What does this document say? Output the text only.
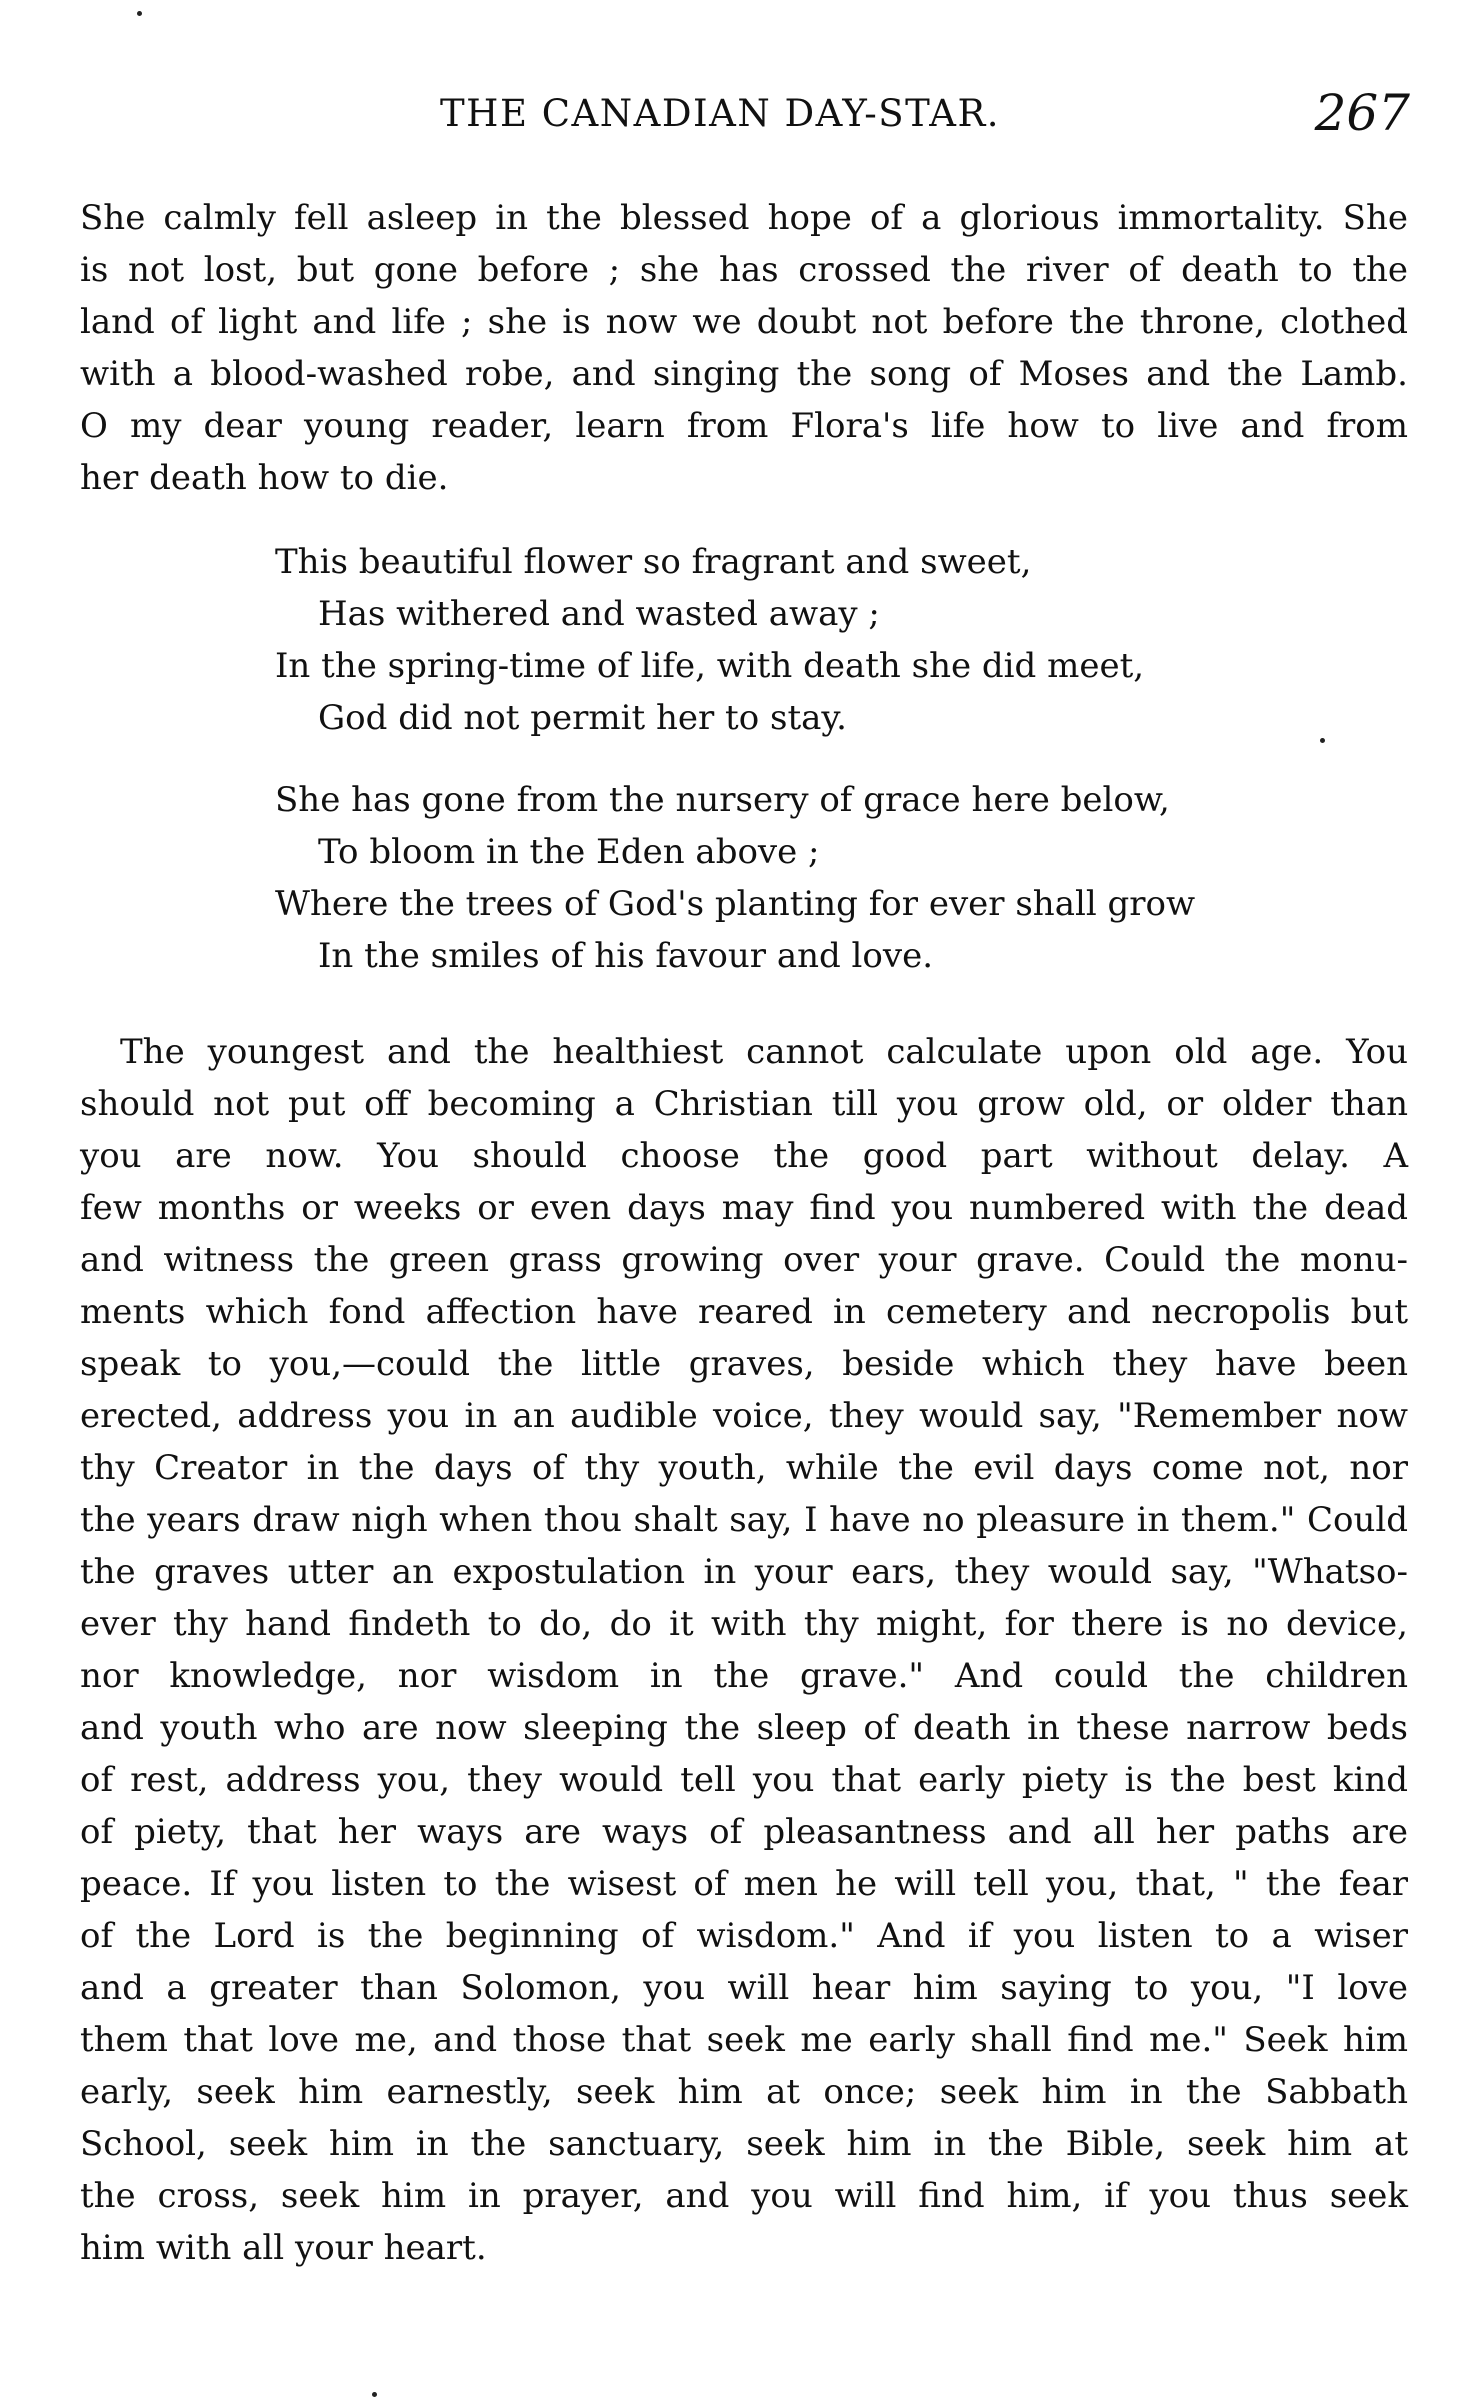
THE CANADIAN DAY-STAR.	267
She calmly fell asleep in the blessed hope of a glorious immortality. She
is not lost, but gone before ; she has crossed the river of death to the
land of light and life ; she is now we doubt not before the throne, clothed
with a blood-washed robe, and singing the song of Moses and the Lamb.
O my dear young reader, learn from Flora's life how to live and from
her death how to die.
This beautiful flower so fragrant and sweet,
Has withered and wasted away ;
In the spring-time of life, with death she did meet,
God did not permit her to stay.
She has gone from the nursery of grace here below,
To bloom in the Eden above ;
Where the trees of God's planting for ever shall grow
In the smiles of his favour and love.
The youngest and the healthiest cannot calculate upon old age. You
should not put off becoming a Christian till you grow old, or older than
you are now. You should choose the good part without delay. A
few months or weeks or even days may find you numbered with the dead
and witness the green grass growing over your grave. Could the monu-
ments which fond affection have reared in cemetery and necropolis but
speak to you,—could the little graves, beside which they have been
erected, address you in an audible voice, they would say, "Remember now
thy Creator in the days of thy youth, while the evil days come not, nor
the years draw nigh when thou shalt say, I have no pleasure in them." Could
the graves utter an expostulation in your ears, they would say, "Whatso-
ever thy hand findeth to do, do it with thy might, for there is no device,
nor knowledge, nor wisdom in the grave." And could the children
and youth who are now sleeping the sleep of death in these narrow beds
of rest, address you, they would tell you that early piety is the best kind
of piety, that her ways are ways of pleasantness and all her paths are
peace. If you listen to the wisest of men he will tell you, that, " the fear
of the Lord is the beginning of wisdom." And if you listen to a wiser
and a greater than Solomon, you will hear him saying to you, "I love
them that love me, and those that seek me early shall find me." Seek him
early, seek him earnestly, seek him at once; seek him in the Sabbath
School, seek him in the sanctuary, seek him in the Bible, seek him at
the cross, seek him in prayer, and you will find him, if you thus seek
him with all your heart.
